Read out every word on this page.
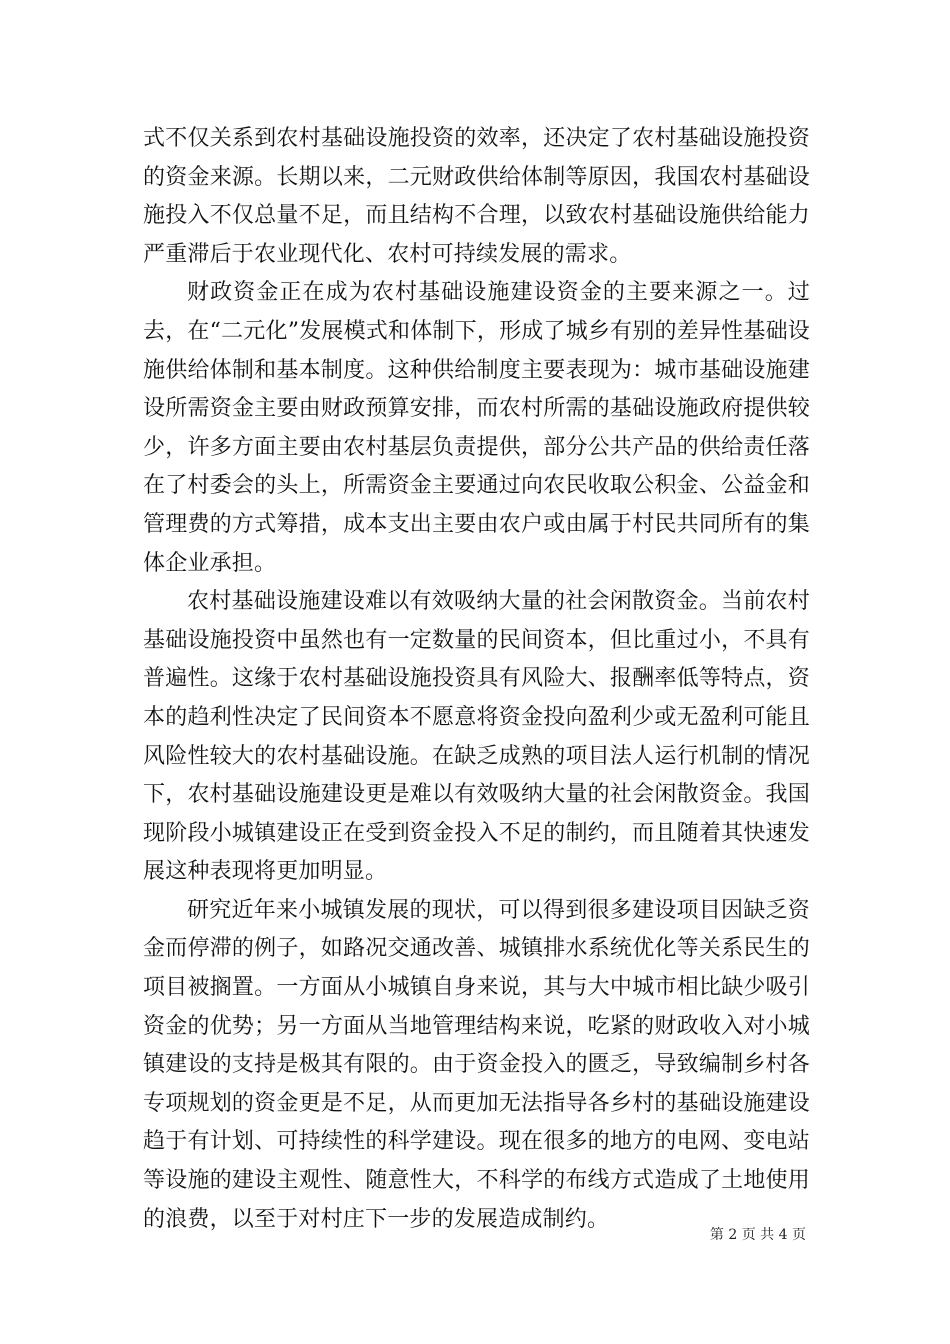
式不仅关系到农村基础设施投资的效率，还决定了农村基础设施投资的资金来源。长期以来，二元财政供给体制等原因，我国农村基础设施投入不仅总量不足，而且结构不合理，以致农村基础设施供给能力严重滞后于农业现代化、农村可持续发展的需求。

财政资金正在成为农村基础设施建设资金的主要来源之一。过去，在“二元化”发展模式和体制下，形成了城乡有别的差异性基础设施供给体制和基本制度。这种供给制度主要表现为：城市基础设施建设所需资金主要由财政预算安排，而农村所需的基础设施政府提供较少，许多方面主要由农村基层负责提供，部分公共产品的供给责任落在了村委会的头上，所需资金主要通过向农民收取公积金、公益金和管理费的方式筹措，成本支出主要由农户或由属于村民共同所有的集体企业承担。

农村基础设施建设难以有效吸纳大量的社会闲散资金。当前农村基础设施投资中虽然也有一定数量的民间资本，但比重过小，不具有普遍性。这缘于农村基础设施投资具有风险大、报酬率低等特点，资本的趋利性决定了民间资本不愿意将资金投向盈利少或无盈利可能且风险性较大的农村基础设施。在缺乏成熟的项目法人运行机制的情况下，农村基础设施建设更是难以有效吸纳大量的社会闲散资金。我国现阶段小城镇建设正在受到资金投入不足的制约，而且随着其快速发展这种表现将更加明显。

研究近年来小城镇发展的现状，可以得到很多建设项目因缺乏资金而停滞的例子，如路况交通改善、城镇排水系统优化等关系民生的项目被搁置。一方面从小城镇自身来说，其与大中城市相比缺少吸引资金的优势；另一方面从当地管理结构来说，吃紧的财政收入对小城镇建设的支持是极其有限的。由于资金投入的匮乏，导致编制乡村各专项规划的资金更是不足，从而更加无法指导各乡村的基础设施建设趋于有计划、可持续性的科学建设。现在很多的地方的电网、变电站等设施的建设主观性、随意性大，不科学的布线方式造成了土地使用的浪费，以至于对村庄下一步的发展造成制约。

第 2 页 共 4 页
